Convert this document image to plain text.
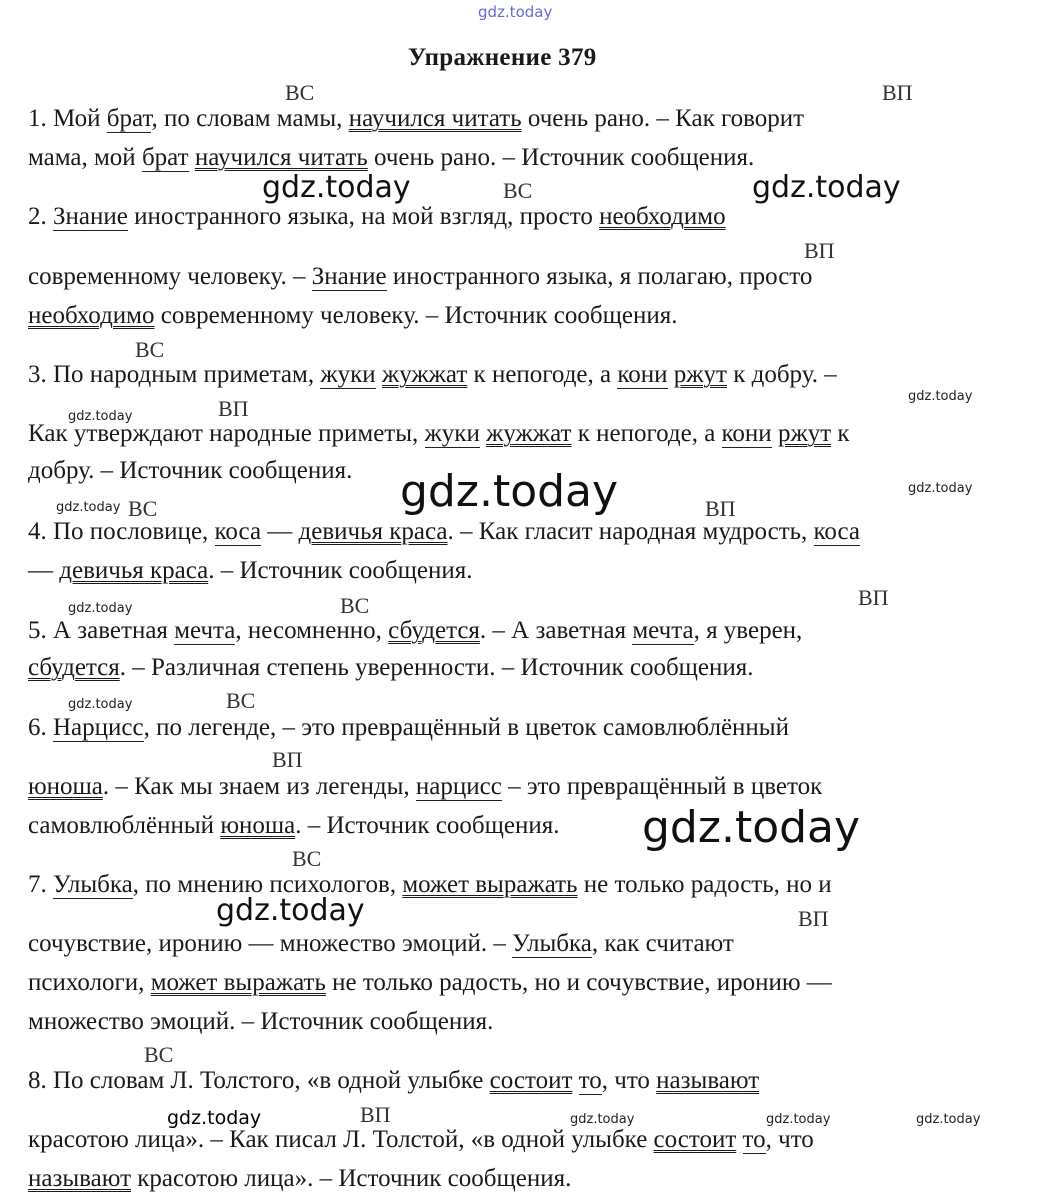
gdz.today
Упражнение 379
ВС	ВП
ВС
ВП
ВС
ВП
ВС	ВП
ВС	ВП
ВС
ВП
ВС
ВП
ВС
ВП
1. Мой брат, по словам мамы, научился читать очень рано. – Как говорит
мама, мой брат научился читать очень рано. – Источник сообщения.
2. Знание иностранного языка, на мой взгляд, просто необходимо
современному человеку. – Знание иностранного языка, я полагаю, просто
необходимо современному человеку. – Источник сообщения.
3. По народным приметам, жуки жужжат к непогоде, а кони ржут к добру. –
Как утверждают народные приметы, жуки жужжат к непогоде, а кони ржут к
добру. – Источник сообщения.
4. По пословице, коса — девичья краса. – Как гласит народная мудрость, коса
— девичья краса. – Источник сообщения.
5. А заветная мечта, несомненно, сбудется. – А заветная мечта, я уверен,
сбудется. – Различная степень уверенности. – Источник сообщения.
6. Нарцисс, по легенде, – это превращённый в цветок самовлюблённый
юноша. – Как мы знаем из легенды, нарцисс – это превращённый в цветок
самовлюблённый юноша. – Источник сообщения.
7. Улыбка, по мнению психологов, может выражать не только радость, но и
сочувствие, иронию — множество эмоций. – Улыбка, как считают
психологи, может выражать не только радость, но и сочувствие, иронию —
множество эмоций. – Источник сообщения.
8. По словам Л. Толстого, «в одной улыбке состоит то, что называют
красотою лица». – Как писал Л. Толстой, «в одной улыбке состоит то, что
называют красотою лица». – Источник сообщения.
gdz.today	gdz.today
gdz.today
gdz.today
gdz.today
gdz.today
gdz.today
gdz.today
gdz.today
gdz.today
gdz.today
gdz.today	gdz.today	gdz.today	gdz.today
